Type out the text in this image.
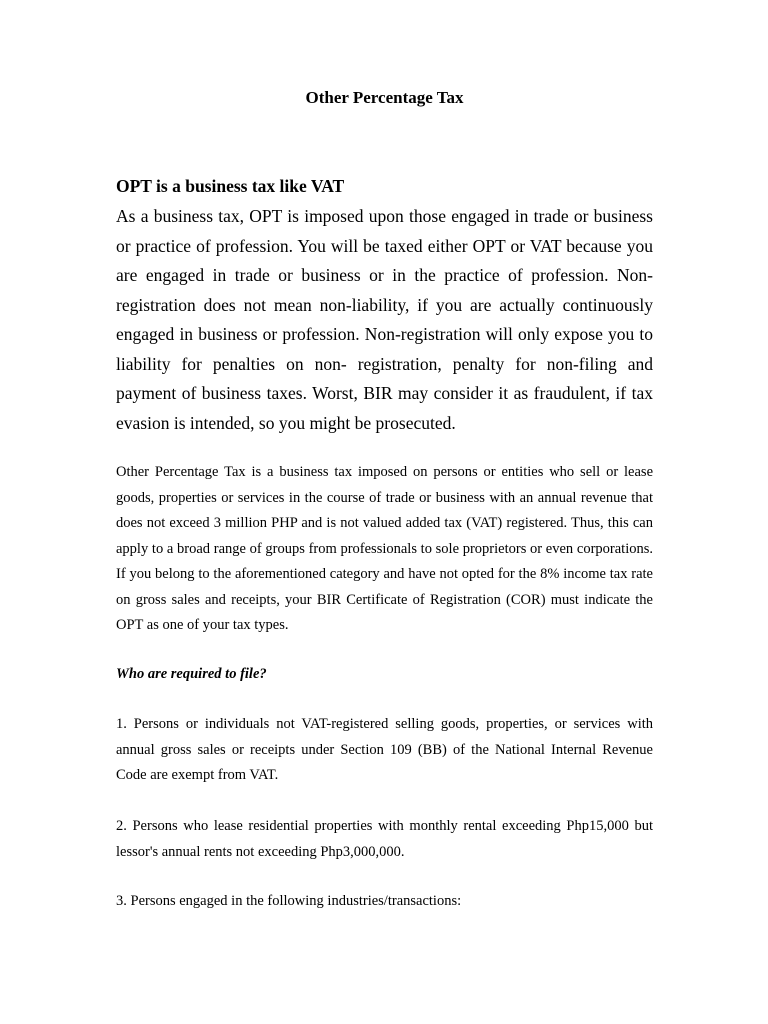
Other Percentage Tax
OPT is a business tax like VAT

As a business tax, OPT is imposed upon those engaged in trade or business or practice of profession. You will be taxed either OPT or VAT because you are engaged in trade or business or in the practice of profession. Non- registration does not mean non-liability, if you are actually continuously engaged in business or profession. Non-registration will only expose you to liability for penalties on non- registration, penalty for non-filing and payment of business taxes. Worst, BIR may consider it as fraudulent, if tax evasion is intended, so you might be prosecuted.

Other Percentage Tax is a business tax imposed on persons or entities who sell or lease goods, properties or services in the course of trade or business with an annual revenue that does not exceed 3 million PHP and is not valued added tax (VAT) registered. Thus, this can apply to a broad range of groups from professionals to sole proprietors or even corporations. If you belong to the aforementioned category and have not opted for the 8% income tax rate on gross sales and receipts, your BIR Certificate of Registration (COR) must indicate the OPT as one of your tax types.

Who are required to file?

1. Persons or individuals not VAT-registered selling goods, properties, or services with annual gross sales or receipts under Section 109 (BB) of the National Internal Revenue Code are exempt from VAT.

2. Persons who lease residential properties with monthly rental exceeding Php15,000 but lessor's annual rents not exceeding Php3,000,000.

3. Persons engaged in the following industries/transactions:
